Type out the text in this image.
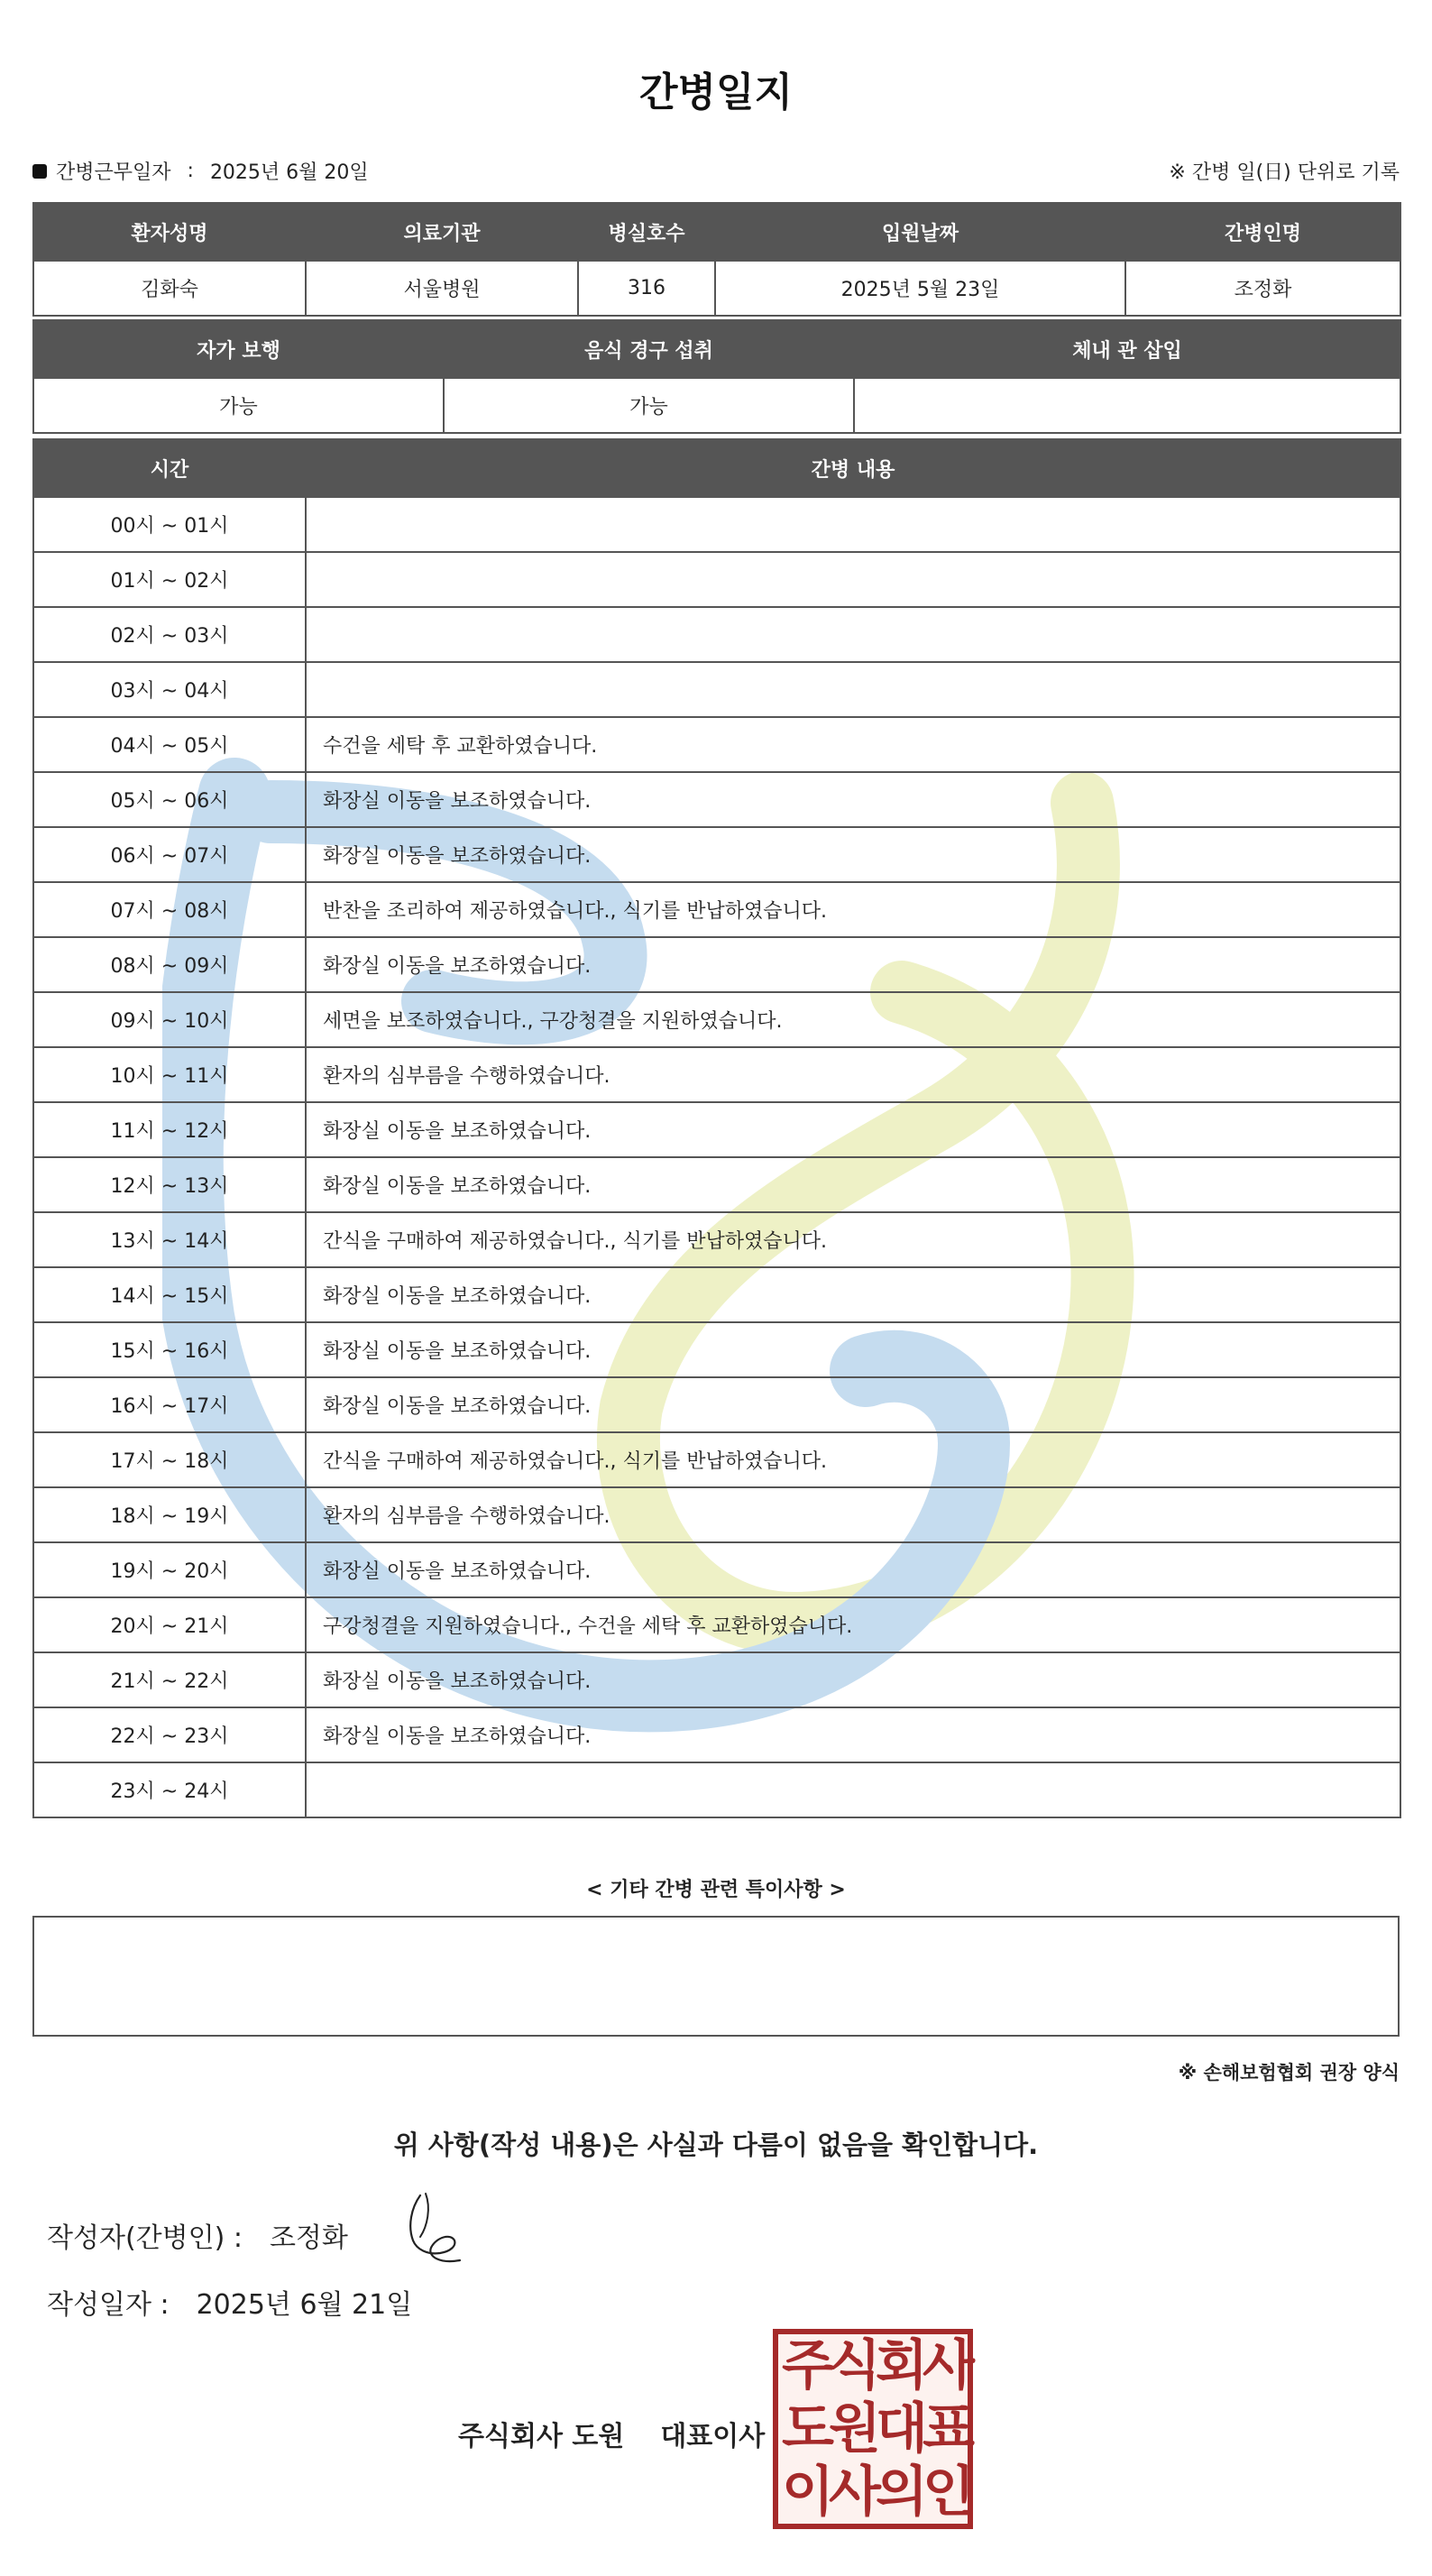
간병일지
간병근무일자 : 2025년 6월 20일	※ 간병 일(日) 단위로 기록
환자성명	의료기관	병실호수	입원날짜	간병인명
김화숙	서울병원	316	2025년 5월 23일	조정화
자가 보행	음식 경구 섭취	체내 관 삽입
가능	가능	
시간	간병 내용
00시 ~ 01시	
01시 ~ 02시	
02시 ~ 03시	
03시 ~ 04시	
04시 ~ 05시	수건을 세탁 후 교환하였습니다.
05시 ~ 06시	화장실 이동을 보조하였습니다.
06시 ~ 07시	화장실 이동을 보조하였습니다.
07시 ~ 08시	반찬을 조리하여 제공하였습니다., 식기를 반납하였습니다.
08시 ~ 09시	화장실 이동을 보조하였습니다.
09시 ~ 10시	세면을 보조하였습니다., 구강청결을 지원하였습니다.
10시 ~ 11시	환자의 심부름을 수행하였습니다.
11시 ~ 12시	화장실 이동을 보조하였습니다.
12시 ~ 13시	화장실 이동을 보조하였습니다.
13시 ~ 14시	간식을 구매하여 제공하였습니다., 식기를 반납하였습니다.
14시 ~ 15시	화장실 이동을 보조하였습니다.
15시 ~ 16시	화장실 이동을 보조하였습니다.
16시 ~ 17시	화장실 이동을 보조하였습니다.
17시 ~ 18시	간식을 구매하여 제공하였습니다., 식기를 반납하였습니다.
18시 ~ 19시	환자의 심부름을 수행하였습니다.
19시 ~ 20시	화장실 이동을 보조하였습니다.
20시 ~ 21시	구강청결을 지원하였습니다., 수건을 세탁 후 교환하였습니다.
21시 ~ 22시	화장실 이동을 보조하였습니다.
22시 ~ 23시	화장실 이동을 보조하였습니다.
23시 ~ 24시	
< 기타 간병 관련 특이사항 >
※ 손해보험협회 권장 양식
위 사항(작성 내용)은 사실과 다름이 없음을 확인합니다.
작성자(간병인) : 조정화
작성일자 : 2025년 6월 21일
주식회사 도원 대표이사
주
식
회
사
도
원
대
표
이
사
의
인
